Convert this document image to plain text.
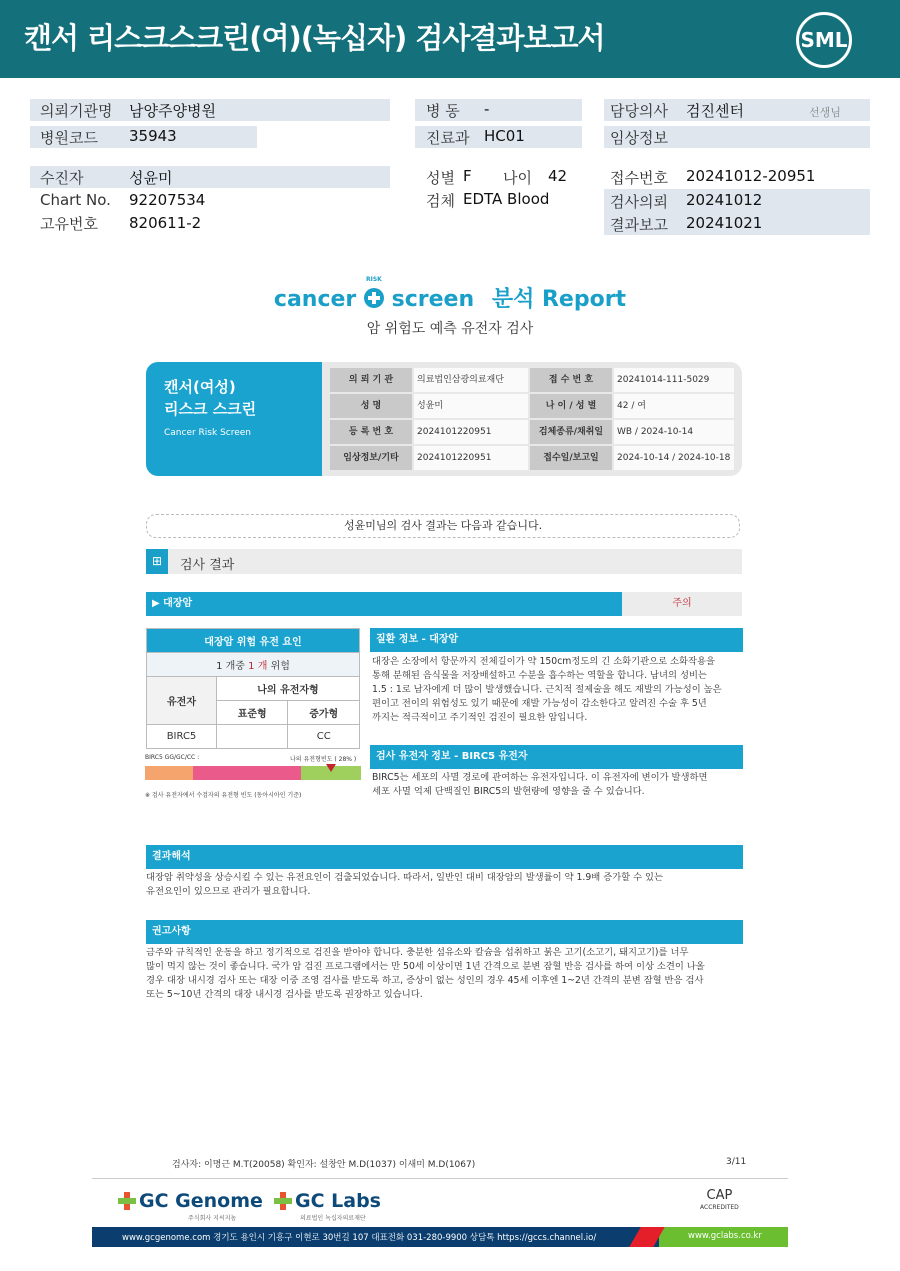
캔서 리스크스크린(여)(녹십자) 검사결과보고서	SML
의뢰기관명 남양주양병원	병 동 -	담당의사 검진센터	선생님
병원코드 35943	진료과 HC01	임상정보
수진자	성윤미	성별 F 나이 42	접수번호 20241012-20951
Chart No. 92207534	검체 EDTA Blood	검사의뢰 20241012
고유번호 820611-2	결과보고 20241021
cancer
RISK
screen 분석 Report
암 위험도 예측 유전자 검사
캔서(여성)
리스크 스크린
Cancer Risk Screen
의 뢰 기 관	의료법인삼광의료재단	접 수 번 호	20241014-111-5029
성 명	성윤미	나 이 / 성 별	42 / 여
등 록 번 호	2024101220951	검체종류/채취일	WB / 2024-10-14
임상정보/기타	2024101220951	접수일/보고일	2024-10-14 / 2024-10-18
성윤미님의 검사 결과는 다음과 같습니다.
⊞	검사 결과
▶ 대장암	주의
대장암 위험 유전 요인		
1 개중 1 개 위험		
유전자	나의 유전자형	
	표준형	증가형
BIRC5		CC
BIRC5 GG/GC/CC :	나의 유전형빈도 ( 28% )
※ 검사 유전자에서 수검자의 유전형 빈도 (동아시아인 기준)
질환 정보 - 대장암
대장은 소장에서 항문까지 전체길이가 약 150cm정도의 긴 소화기관으로 소화작용을
통해 분해된 음식물을 저장배설하고 수분을 흡수하는 역할을 합니다. 남녀의 성비는
1.5 : 1로 남자에게 더 많이 발생했습니다. 근치적 절제술을 해도 재발의 가능성이 높은
편이고 전이의 위험성도 있기 때문에 재발 가능성이 감소한다고 알려진 수술 후 5년
까지는 적극적이고 주기적인 검진이 필요한 암입니다.
검사 유전자 정보 - BIRC5 유전자
BIRC5는 세포의 사멸 경로에 관여하는 유전자입니다. 이 유전자에 변이가 발생하면
세포 사멸 억제 단백질인 BIRC5의 발현량에 영향을 줄 수 있습니다.
결과해석
대장암 취약성을 상승시킬 수 있는 유전요인이 검출되었습니다. 따라서, 일반인 대비 대장암의 발생률이 약 1.9배 증가할 수 있는
유전요인이 있으므로 관리가 필요합니다.
권고사항
금주와 규칙적인 운동을 하고 정기적으로 검진을 받아야 합니다. 충분한 섬유소와 칼슘을 섭취하고 붉은 고기(소고기, 돼지고기)를 너무
많이 먹지 않는 것이 좋습니다. 국가 암 검진 프로그램에서는 만 50세 이상이면 1년 간격으로 분변 잠혈 반응 검사를 하여 이상 소견이 나올
경우 대장 내시경 검사 또는 대장 이중 조영 검사를 받도록 하고, 증상이 없는 성인의 경우 45세 이후엔 1~2년 간격의 분변 잠혈 반응 검사
또는 5~10년 간격의 대장 내시경 검사를 받도록 권장하고 있습니다.
검사자: 이명근 M.T(20058) 확인자: 설창안 M.D(1037) 이새미 M.D(1067)	3/11
GC Genome
주식회사 지씨지놈
GC Labs
의료법인 녹십자의료재단
CAP
ACCREDITED
www.gcgenome.com 경기도 용인시 기흥구 이현로 30번길 107 대표전화 031-280-9900 상담톡 https://gccs.channel.io/	www.gclabs.co.kr
